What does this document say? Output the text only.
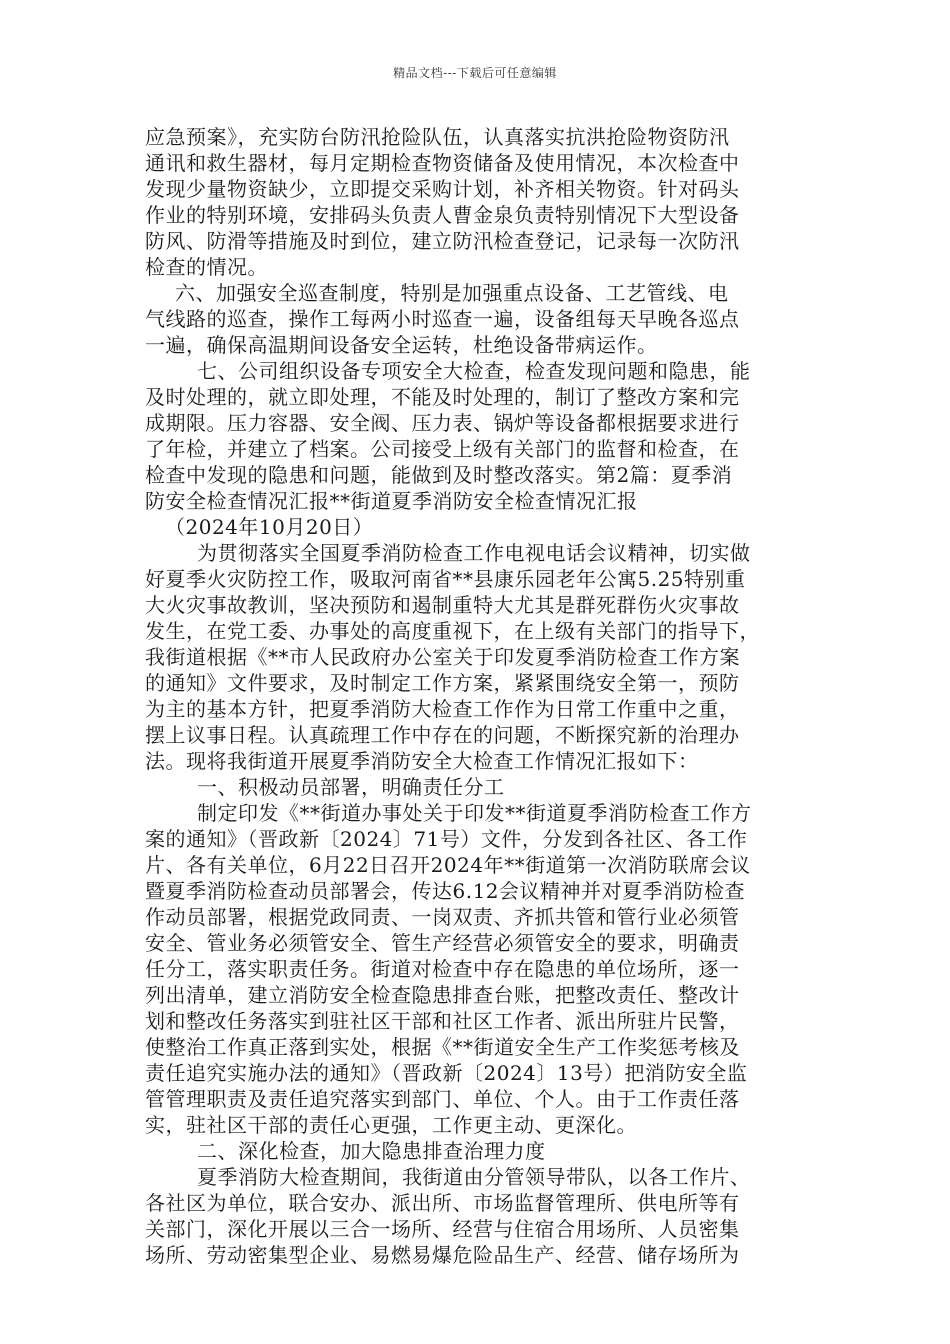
精品文档---下载后可任意编辑
应急预案》，充实防台防汛抢险队伍，认真落实抗洪抢险物资防汛
通讯和救生器材，每月定期检查物资储备及使用情况，本次检查中
发现少量物资缺少，立即提交采购计划，补齐相关物资。针对码头
作业的特别环境，安排码头负责人曹金泉负责特别情况下大型设备
防风、防滑等措施及时到位，建立防汛检查登记，记录每一次防汛
检查的情况。
六、加强安全巡查制度，特别是加强重点设备、工艺管线、电
气线路的巡查，操作工每两小时巡查一遍，设备组每天早晚各巡点
一遍，确保高温期间设备安全运转，杜绝设备带病运作。
七、公司组织设备专项安全大检查，检查发现问题和隐患，能
及时处理的，就立即处理，不能及时处理的，制订了整改方案和完
成期限。压力容器、安全阀、压力表、锅炉等设备都根据要求进行
了年检，并建立了档案。公司接受上级有关部门的监督和检查，在
检查中发现的隐患和问题，能做到及时整改落实。第2篇：夏季消
防安全检查情况汇报**街道夏季消防安全检查情况汇报
（2024年10月20日）
为贯彻落实全国夏季消防检查工作电视电话会议精神，切实做
好夏季火灾防控工作，吸取河南省**县康乐园老年公寓5.25特别重
大火灾事故教训，坚决预防和遏制重特大尤其是群死群伤火灾事故
发生，在党工委、办事处的高度重视下，在上级有关部门的指导下，
我街道根据《**市人民政府办公室关于印发夏季消防检查工作方案
的通知》文件要求，及时制定工作方案，紧紧围绕安全第一，预防
为主的基本方针，把夏季消防大检查工作作为日常工作重中之重，
摆上议事日程。认真疏理工作中存在的问题，不断探究新的治理办
法。现将我街道开展夏季消防安全大检查工作情况汇报如下：
一、积极动员部署，明确责任分工
制定印发《**街道办事处关于印发**街道夏季消防检查工作方
案的通知》（晋政新〔2024〕71号）文件，分发到各社区、各工作
片、各有关单位，6月22日召开2024年**街道第一次消防联席会议
暨夏季消防检查动员部署会，传达6.12会议精神并对夏季消防检查
作动员部署，根据党政同责、一岗双责、齐抓共管和管行业必须管
安全、管业务必须管安全、管生产经营必须管安全的要求，明确责
任分工，落实职责任务。街道对检查中存在隐患的单位场所，逐一
列出清单，建立消防安全检查隐患排查台账，把整改责任、整改计
划和整改任务落实到驻社区干部和社区工作者、派出所驻片民警，
使整治工作真正落到实处，根据《**街道安全生产工作奖惩考核及
责任追究实施办法的通知》（晋政新〔2024〕13号）把消防安全监
管管理职责及责任追究落实到部门、单位、个人。由于工作责任落
实，驻社区干部的责任心更强，工作更主动、更深化。
二、深化检查，加大隐患排查治理力度
夏季消防大检查期间，我街道由分管领导带队，以各工作片、
各社区为单位，联合安办、派出所、市场监督管理所、供电所等有
关部门，深化开展以三合一场所、经营与住宿合用场所、人员密集
场所、劳动密集型企业、易燃易爆危险品生产、经营、储存场所为
